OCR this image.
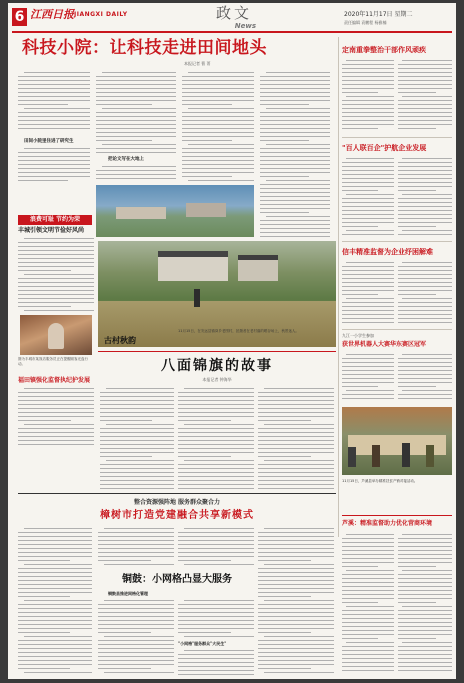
6 江西日报 JIANGXI DAILY	政文
News
2020年11月17日 星期二
责任编辑 袁鹏程 杨雅楠
科技小院：让科技走进田间地头
本报记者 曹 菁
田间小院里住进了研究生
把论文写在大地上
浪费可耻 节约为荣
丰城引领文明节俭好风尚
图为丰城市某饭店服务员正在提醒顾客光盘行动。
福田镇强化监督执纪护发展
古村秋韵
11月15日，在安远县镇岗乡老围村，拍摄者在老村落的晒谷场上，秋景迷人。
八面锦旗的故事
本报记者 钟海华
定南重拳整治干部作风顽疾
"百人联百企"护航企业发展
信丰精准监督为企业纾困解难
九江一小学生参加
获世界机器人大赛华东赛区冠军
11月15日，芦溪县举办精准扶贫产销对接活动。
芦溪：精准监督助力优化营商环境
整合资源强阵地 服务群众聚合力
樟树市打造党建融合共享新模式
铜鼓：小网格凸显大服务
铜鼓县推进网格化管理
"小网格"服务群众"大民生"
